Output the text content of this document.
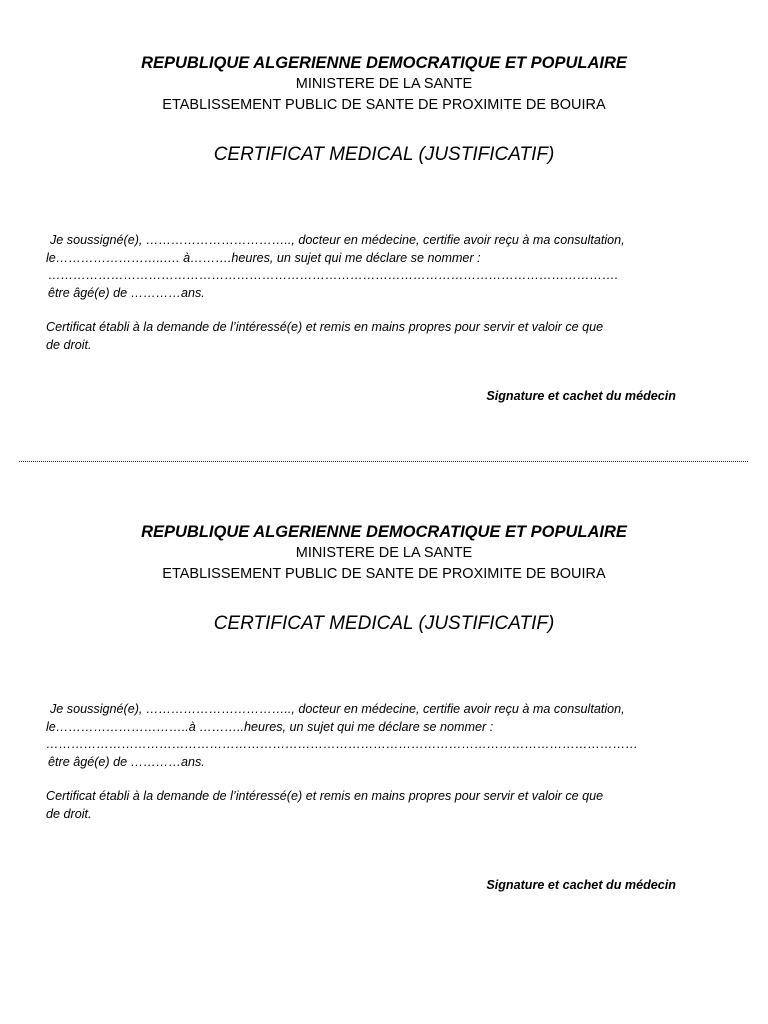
REPUBLIQUE ALGERIENNE DEMOCRATIQUE ET POPULAIRE
MINISTERE DE LA SANTE
ETABLISSEMENT PUBLIC DE SANTE DE PROXIMITE DE BOUIRA
CERTIFICAT MEDICAL (JUSTIFICATIF)
Je soussigné(e), …………………………….., docteur en médecine, certifie avoir reçu à ma consultation,
le……………………..…. à……….heures, un sujet qui me déclare se nommer :
……………………………………………………………………………………………………………………….
être âgé(e) de …………ans.
Certificat établi à la demande de l’intéressé(e) et remis en mains propres pour servir et valoir ce que
de droit.
Signature et cachet du médecin
REPUBLIQUE ALGERIENNE DEMOCRATIQUE ET POPULAIRE
MINISTERE DE LA SANTE
ETABLISSEMENT PUBLIC DE SANTE DE PROXIMITE DE BOUIRA
CERTIFICAT MEDICAL (JUSTIFICATIF)
Je soussigné(e), …………………………….., docteur en médecine, certifie avoir reçu à ma consultation,
le…………………………..à ………..heures, un sujet qui me déclare se nommer :
……………………………………………………………………………………………………………………………
être âgé(e) de …………ans.
Certificat établi à la demande de l’intéressé(e) et remis en mains propres pour servir et valoir ce que
de droit.
Signature et cachet du médecin
